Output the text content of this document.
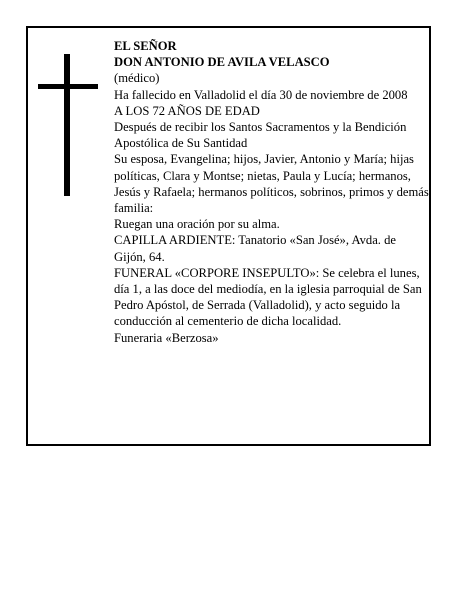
EL SEÑOR

DON ANTONIO DE AVILA VELASCO

(médico)

Ha fallecido en Valladolid el día 30 de noviembre de 2008

A LOS 72 AÑOS DE EDAD

Después de recibir los Santos Sacramentos y la Bendición Apostólica de Su Santidad

Su esposa, Evangelina; hijos, Javier, Antonio y María; hijas políticas, Clara y Montse; nietas, Paula y Lucía; hermanos, Jesús y Rafaela; hermanos políticos, sobrinos, primos y demás familia:

Ruegan una oración por su alma.

CAPILLA ARDIENTE: Tanatorio «San José», Avda. de Gijón, 64.

FUNERAL «CORPORE INSEPULTO»: Se celebra el lunes, día 1, a las doce del mediodía, en la iglesia parroquial de San Pedro Apóstol, de Serrada (Valladolid), y acto seguido la conducción al cementerio de dicha localidad.

Funeraria «Berzosa»
